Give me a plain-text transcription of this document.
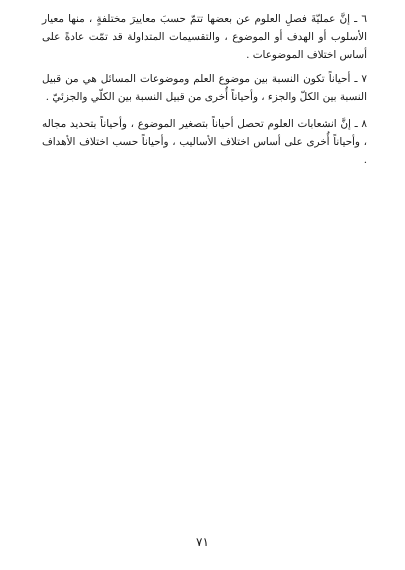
٦ ـ إنَّ عمليّةَ فصلِ العلوم عن بعضها تتمّ حسبَ معاييرَ مختلفةٍ ، منها معيار الأسلوب أو الهدف أو الموضوع ، والتقسيمات المتداولة قد تمّت عادةً على أساس اختلاف الموضوعات .

٧ ـ أحياناً تكون النسبة بين موضوع العلم وموضوعات المسائل هي من قبيل النسبة بين الكلّ والجزء ، وأحياناً أُخرى من قبيل النسبة بين الكلّي والجزئيّ .

٨ ـ إنَّ انشعابات العلوم تحصل أحياناً بتصغير الموضوع ، وأحياناً بتحديد مجاله ، وأحياناً أُخرى على أساس اختلاف الأساليب ، وأحياناً حسب اختلاف الأهداف .

٧١
